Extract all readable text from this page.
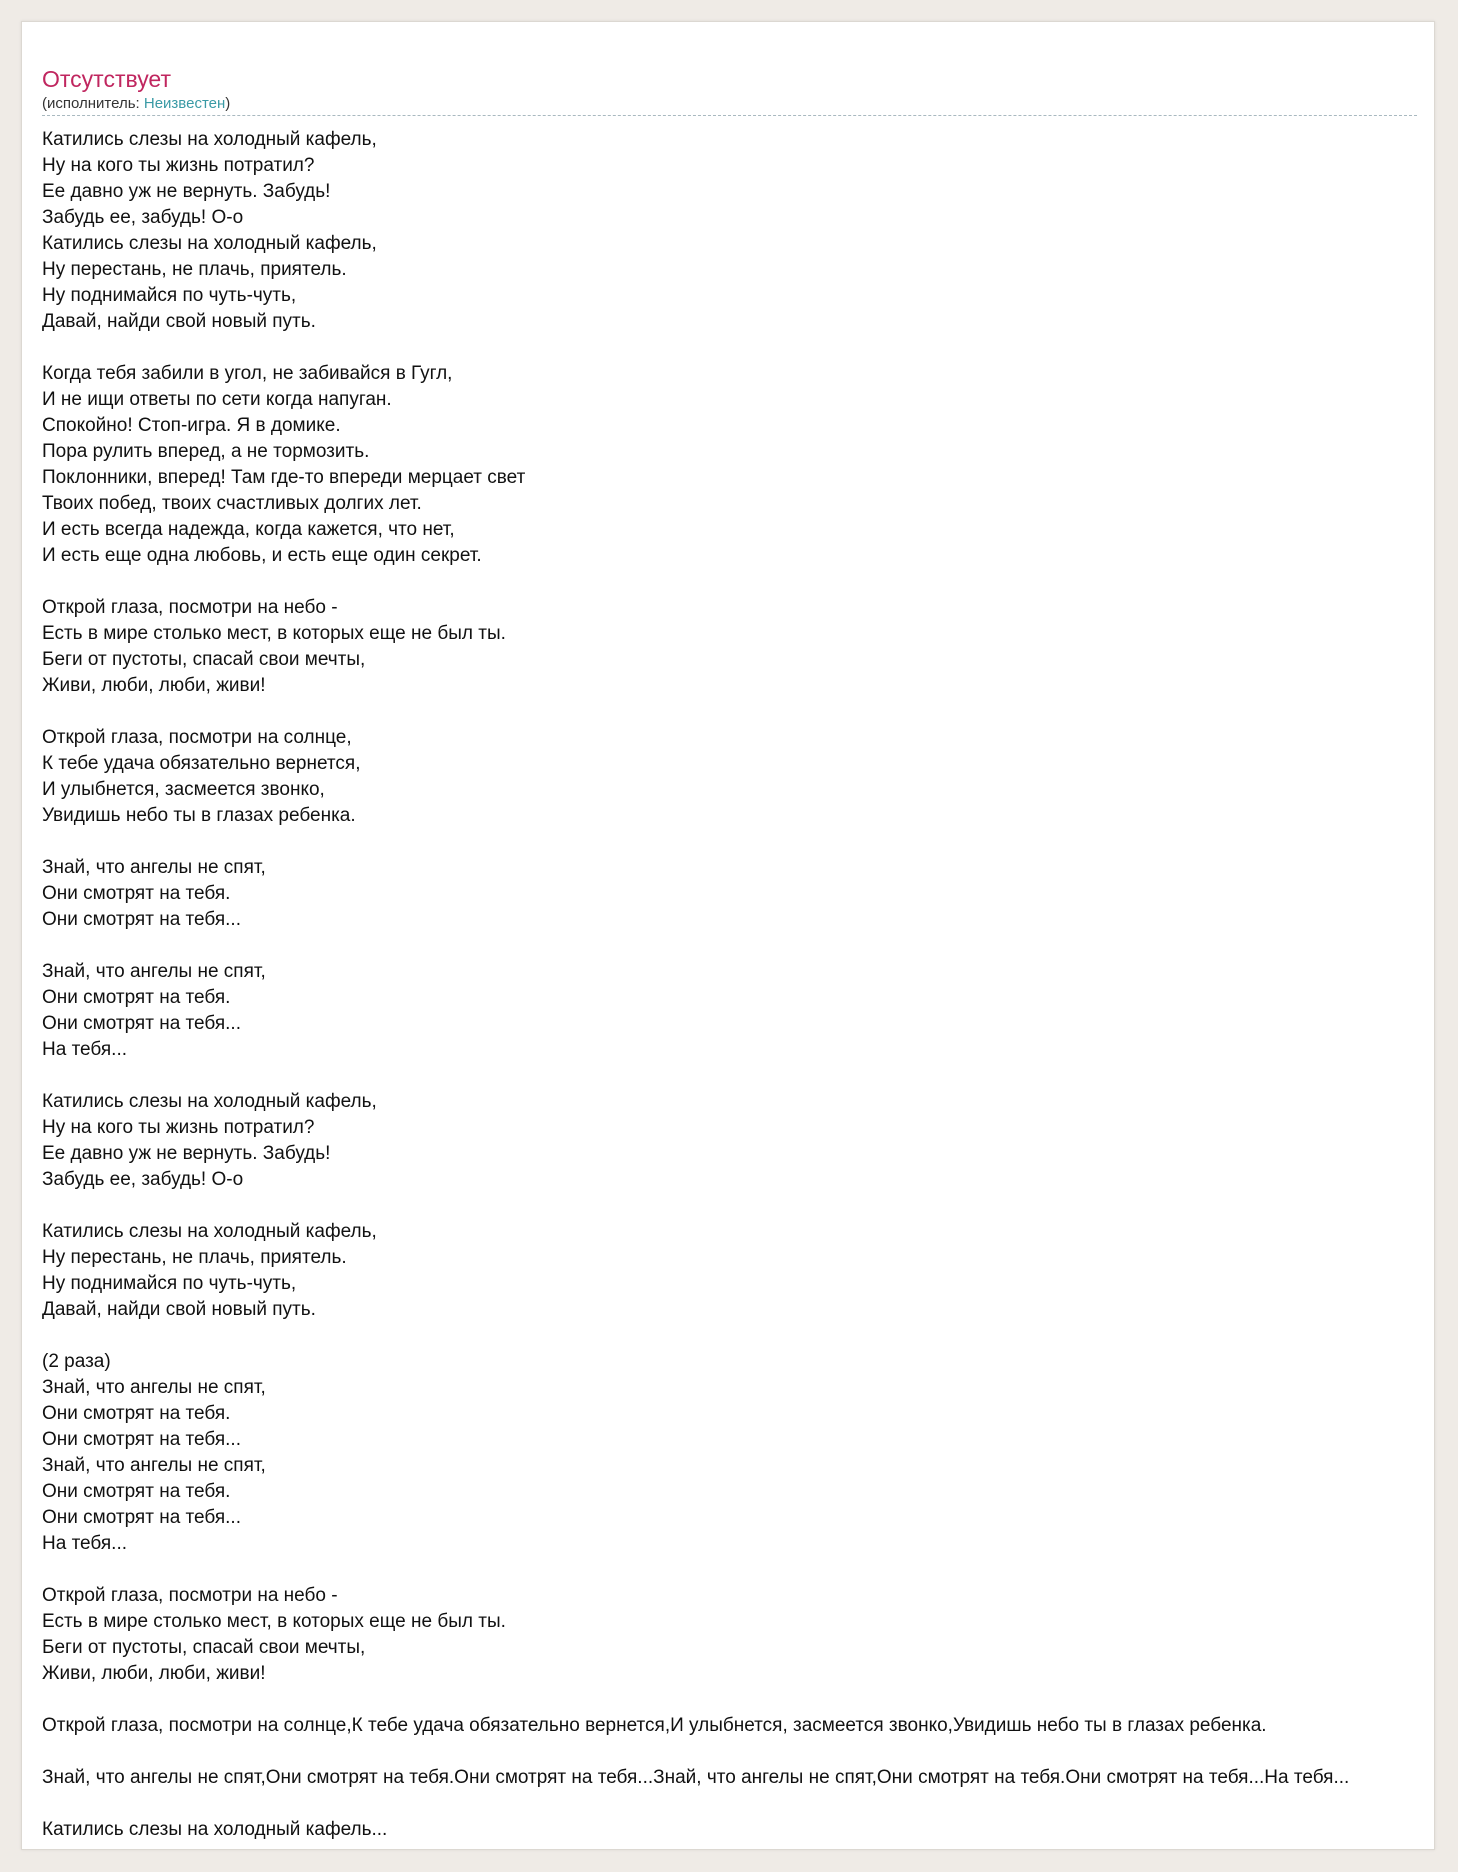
Отсутствует
(исполнитель: Неизвестен)
Катились слезы на холодный кафель,
Ну на кого ты жизнь потратил?
Ее давно уж не вернуть. Забудь!
Забудь ее, забудь! О-о
Катились слезы на холодный кафель,
Ну перестань, не плачь, приятель.
Ну поднимайся по чуть-чуть,
Давай, найди свой новый путь.
Когда тебя забили в угол, не забивайся в Гугл,
И не ищи ответы по сети когда напуган.
Спокойно! Стоп-игра. Я в домике.
Пора рулить вперед, а не тормозить.
Поклонники, вперед! Там где-то впереди мерцает свет
Твоих побед, твоих счастливых долгих лет.
И есть всегда надежда, когда кажется, что нет,
И есть еще одна любовь, и есть еще один секрет.
Открой глаза, посмотри на небо -
Есть в мире столько мест, в которых еще не был ты.
Беги от пустоты, спасай свои мечты,
Живи, люби, люби, живи!
Открой глаза, посмотри на солнце,
К тебе удача обязательно вернется,
И улыбнется, засмеется звонко,
Увидишь небо ты в глазах ребенка.
Знай, что ангелы не спят,
Они смотрят на тебя.
Они смотрят на тебя...
Знай, что ангелы не спят,
Они смотрят на тебя.
Они смотрят на тебя...
На тебя...
Катились слезы на холодный кафель,
Ну на кого ты жизнь потратил?
Ее давно уж не вернуть. Забудь!
Забудь ее, забудь! О-о
Катились слезы на холодный кафель,
Ну перестань, не плачь, приятель.
Ну поднимайся по чуть-чуть,
Давай, найди свой новый путь.
(2 раза)
Знай, что ангелы не спят,
Они смотрят на тебя.
Они смотрят на тебя...
Знай, что ангелы не спят,
Они смотрят на тебя.
Они смотрят на тебя...
На тебя...
Открой глаза, посмотри на небо -
Есть в мире столько мест, в которых еще не был ты.
Беги от пустоты, спасай свои мечты,
Живи, люби, люби, живи!
Открой глаза, посмотри на солнце,К тебе удача обязательно вернется,И улыбнется, засмеется звонко,Увидишь небо ты в глазах ребенка.
Знай, что ангелы не спят,Они смотрят на тебя.Они смотрят на тебя...Знай, что ангелы не спят,Они смотрят на тебя.Они смотрят на тебя...На тебя...
Катились слезы на холодный кафель...
